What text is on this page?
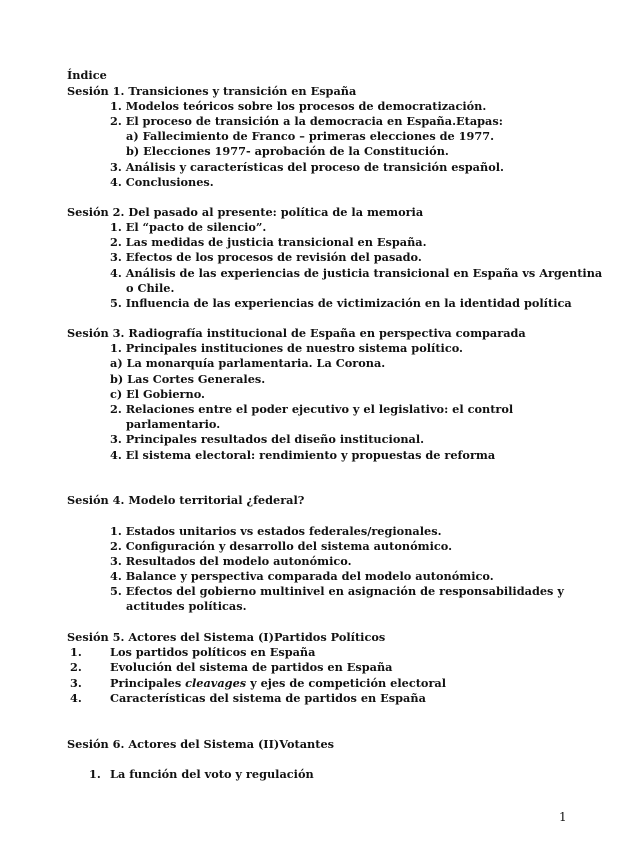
Índice
Sesión 1. Transiciones y transición en España
1. Modelos teóricos sobre los procesos de democratización.
2. El proceso de transición a la democracia en España.Etapas:
a) Fallecimiento de Franco – primeras elecciones de 1977.
b) Elecciones 1977- aprobación de la Constitución.
3. Análisis y características del proceso de transición español.
4. Conclusiones.
Sesión 2. Del pasado al presente: política de la memoria
1. El “pacto de silencio”.
2. Las medidas de justicia transicional en España.
3. Efectos de los procesos de revisión del pasado.
4. Análisis de las experiencias de justicia transicional en España vs Argentina
o Chile.
5. Influencia de las experiencias de victimización en la identidad política
Sesión 3. Radiografía institucional de España en perspectiva comparada
1. Principales instituciones de nuestro sistema político.
a) La monarquía parlamentaria. La Corona.
b) Las Cortes Generales.
c) El Gobierno.
2. Relaciones entre el poder ejecutivo y el legislativo: el control
parlamentario.
3. Principales resultados del diseño institucional.
4. El sistema electoral: rendimiento y propuestas de reforma
Sesión 4. Modelo territorial ¿federal?
1. Estados unitarios vs estados federales/regionales.
2. Configuración y desarrollo del sistema autonómico.
3. Resultados del modelo autonómico.
4. Balance y perspectiva comparada del modelo autonómico.
5. Efectos del gobierno multinivel en asignación de responsabilidades y
actitudes políticas.
Sesión 5. Actores del Sistema (I)Partidos Políticos
1. Los partidos políticos en España
2. Evolución del sistema de partidos en España
3. Principales cleavages y ejes de competición electoral
4. Características del sistema de partidos en España
Sesión 6. Actores del Sistema (II)Votantes
1. La función del voto y regulación
1
